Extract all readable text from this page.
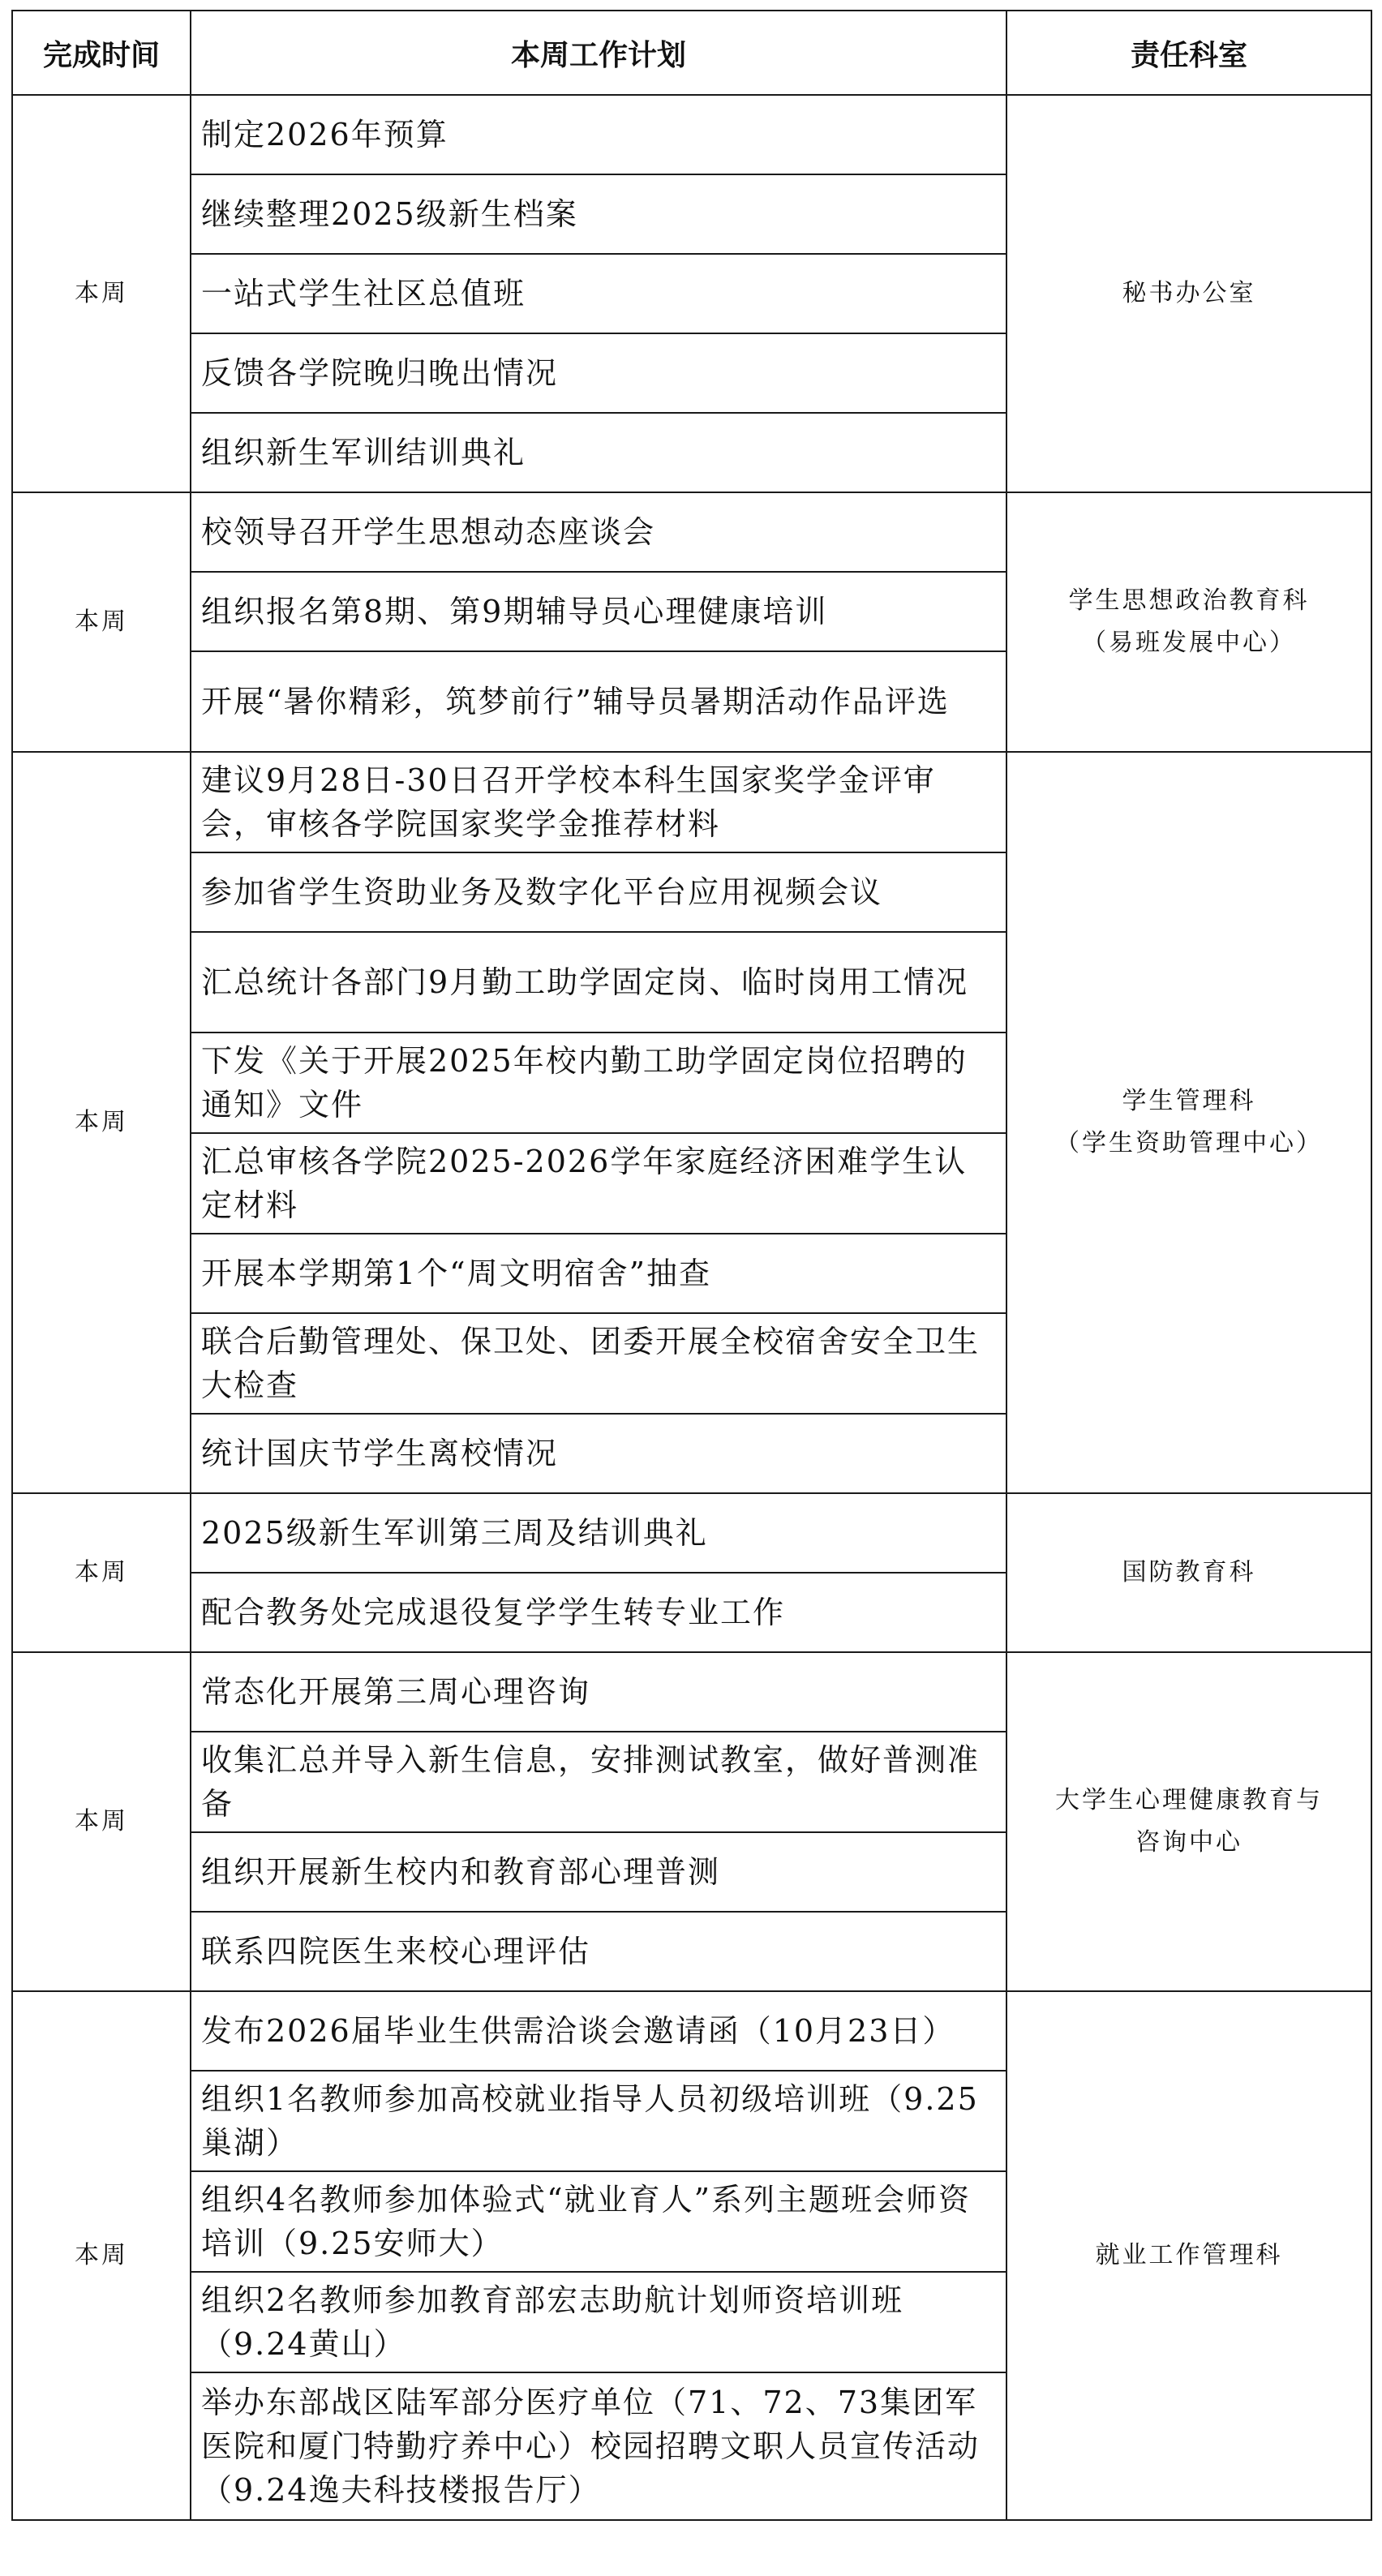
完成时间	本周工作计划	责任科室
本周	制定2026年预算	秘书办公室
	继续整理2025级新生档案	
	一站式学生社区总值班	
	反馈各学院晚归晚出情况	
	组织新生军训结训典礼	
本周	校领导召开学生思想动态座谈会	学生思想政治教育科
（易班发展中心）
	组织报名第8期、第9期辅导员心理健康培训	
	开展“暑你精彩，筑梦前行”辅导员暑期活动作品评选	
本周	建议9月28日-30日召开学校本科生国家奖学金评审会，审核各学院国家奖学金推荐材料	学生管理科
（学生资助管理中心）
	参加省学生资助业务及数字化平台应用视频会议	
	汇总统计各部门9月勤工助学固定岗、临时岗用工情况	
	下发《关于开展2025年校内勤工助学固定岗位招聘的通知》文件	
	汇总审核各学院2025-2026学年家庭经济困难学生认定材料	
	开展本学期第1个“周文明宿舍”抽查	
	联合后勤管理处、保卫处、团委开展全校宿舍安全卫生大检查	
	统计国庆节学生离校情况	
本周	2025级新生军训第三周及结训典礼	国防教育科
	配合教务处完成退役复学学生转专业工作	
本周	常态化开展第三周心理咨询	大学生心理健康教育与
咨询中心
	收集汇总并导入新生信息，安排测试教室，做好普测准备	
	组织开展新生校内和教育部心理普测	
	联系四院医生来校心理评估	
本周	发布2026届毕业生供需洽谈会邀请函（10月23日）	就业工作管理科
	组织1名教师参加高校就业指导人员初级培训班（9.25巢湖）	
	组织4名教师参加体验式“就业育人”系列主题班会师资培训（9.25安师大）	
	组织2名教师参加教育部宏志助航计划师资培训班（9.24黄山）	
	举办东部战区陆军部分医疗单位（71、72、73集团军医院和厦门特勤疗养中心）校园招聘文职人员宣传活动（9.24逸夫科技楼报告厅）	
